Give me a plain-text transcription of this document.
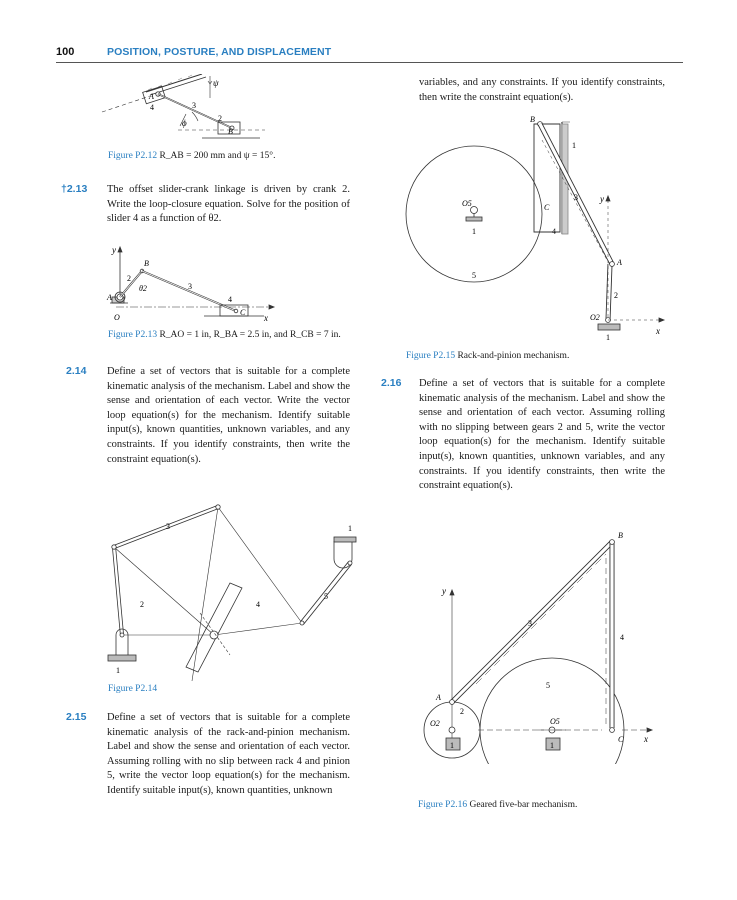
100	POSITION, POSTURE, AND DISPLACEMENT
A
4	3
ϕ	2
B
ψ
Figure P2.12 R_AB = 200 mm and ψ = 15°.
†2.13 The offset slider-crank linkage is driven by crank 2. Write the loop-closure equation. Solve for the position of slider 4 as a function of θ2.
y
B
2
θ2	3
4
C
A
O	x
Figure P2.13 R_AO = 1 in, R_BA = 2.5 in, and R_CB = 7 in.
2.14 Define a set of vectors that is suitable for a complete kinematic analysis of the mechanism. Label and show the sense and orientation of each vector. Write the vector loop equation(s) for the mechanism. Identify suitable input(s), known quantities, unknown variables, and any constraints. If you identify constraints, then write the constraint equation(s).
3
2	4
5
1
1
Figure P2.14
2.15 Define a set of vectors that is suitable for a complete kinematic analysis of the rack-and-pinion mechanism. Label and show the sense and orientation of each vector. Assuming rolling with no slip between rack 4 and pinion 5, write the vector loop equation(s) for the mechanism. Identify suitable input(s), known quantities, unknown
variables, and any constraints. If you identify constraints, then write the constraint equation(s).
B
1
O5
1
C
3 y
4
A
5
2
O2
1
x
Figure P2.15 Rack-and-pinion mechanism.
2.16 Define a set of vectors that is suitable for a complete kinematic analysis of the mechanism. Label and show the sense and orientation of each vector. Assuming rolling with no slipping between gears 2 and 5, write the vector loop equation(s) for the mechanism. Identify suitable input(s), known quantities, unknown variables, and any constraints. If you identify constraints, then write the constraint equation(s).
B
y
3
4
5
A
2
O2	O5
1	1
C x
Figure P2.16 Geared five-bar mechanism.
